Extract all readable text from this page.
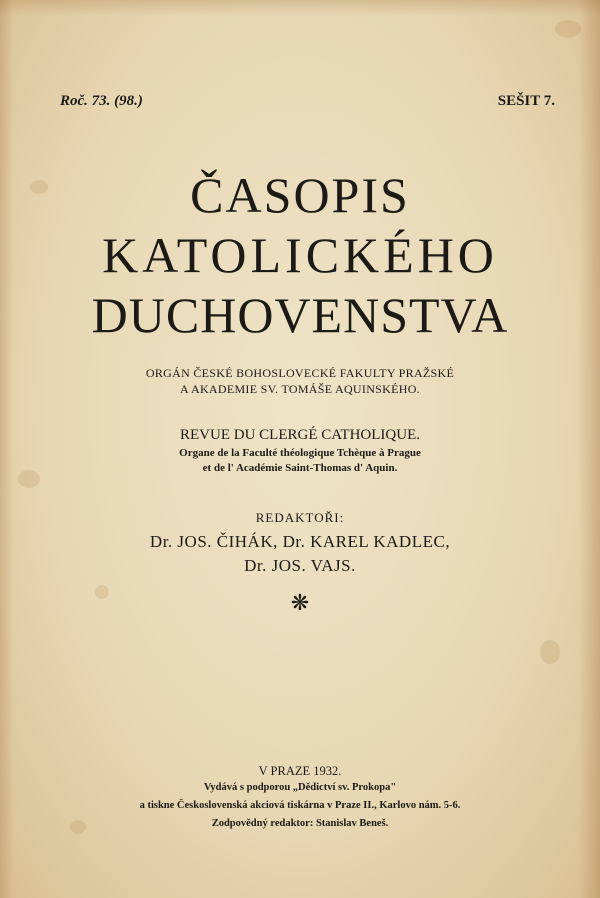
Roč. 73. (98.)	SEŠIT 7.
ČASOPIS
KATOLICKÉHO
DUCHOVENSTVA
ORGÁN ČESKÉ BOHOSLOVECKÉ FAKULTY PRAŽSKÉ
A AKADEMIE SV. TOMÁŠE AQUINSKÉHO.
REVUE DU CLERGÉ CATHOLIQUE.
Organe de la Faculté théologique Tchèque à Prague
et de l' Académie Saint-Thomas d' Aquin.
REDAKTOŘI:
Dr. JOS. ČIHÁK, Dr. KAREL KADLEC,
Dr. JOS. VAJS.
❋
V PRAZE 1932.
Vydává s podporou „Dědictví sv. Prokopa"
a tiskne Československá akciová tiskárna v Praze II., Karlovo nám. 5-6.
Zodpovědný redaktor: Stanislav Beneš.
